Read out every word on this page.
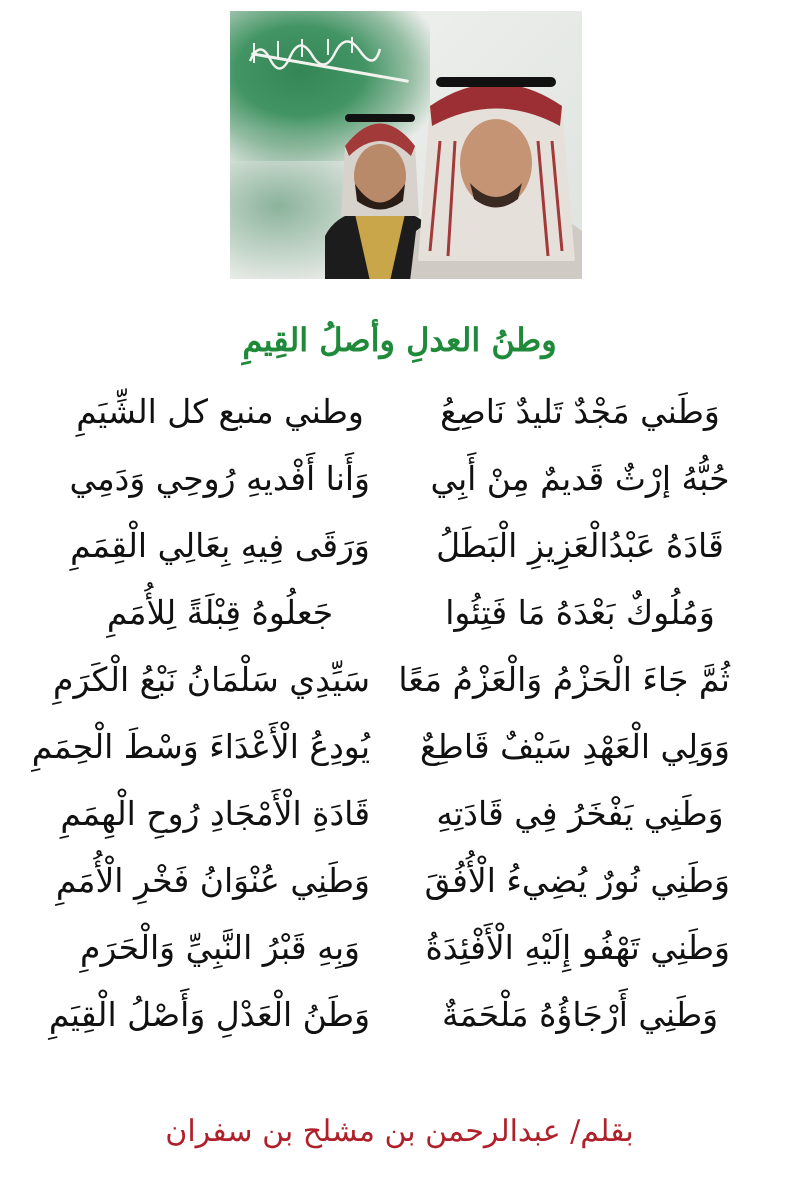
وطنُ العدلِ وأصلُ القِيمِ
وَطَني مَجْدٌ تَليدٌ نَاصِعُ
وطني منبع كل الشِّيَمِ
حُبُّهُ إرْثٌ قَديمٌ مِنْ أَبِي
وَأَنا أَفْديهِ رُوحِي وَدَمِي
قَادَهُ عَبْدُالْعَزِيزِ الْبَطَلُ
وَرَقَى فِيهِ بِعَالِي الْقِمَمِ
وَمُلُوكٌ بَعْدَهُ مَا فَتِئُوا
جَعلُوهُ قِبْلَةً لِلأُمَمِ
ثُمَّ جَاءَ الْحَزْمُ وَالْعَزْمُ مَعًا
سَيِّدِي سَلْمَانُ نَبْعُ الْكَرَمِ
وَوَلِي الْعَهْدِ سَيْفٌ قَاطِعٌ
يُودِعُ الْأَعْدَاءَ وَسْطَ الْحِمَمِ
وَطَنِي يَفْخَرُ فِي قَادَتِهِ
قَادَةِ الْأَمْجَادِ رُوحِ الْهِمَمِ
وَطَنِي نُورٌ يُضِيءُ الْأُفُقَ
وَطَنِي عُنْوَانُ فَخْرِ الْأُمَمِ
وَطَنِي تَهْفُو إِلَيْهِ الْأَفْئِدَةُ
وَبِهِ قَبْرُ النَّبِيِّ وَالْحَرَمِ
وَطَنِي أَرْجَاؤُهُ مَلْحَمَةٌ
وَطَنُ الْعَدْلِ وَأَصْلُ الْقِيَمِ
بقلم/ عبدالرحمن بن مشلح بن سفران
